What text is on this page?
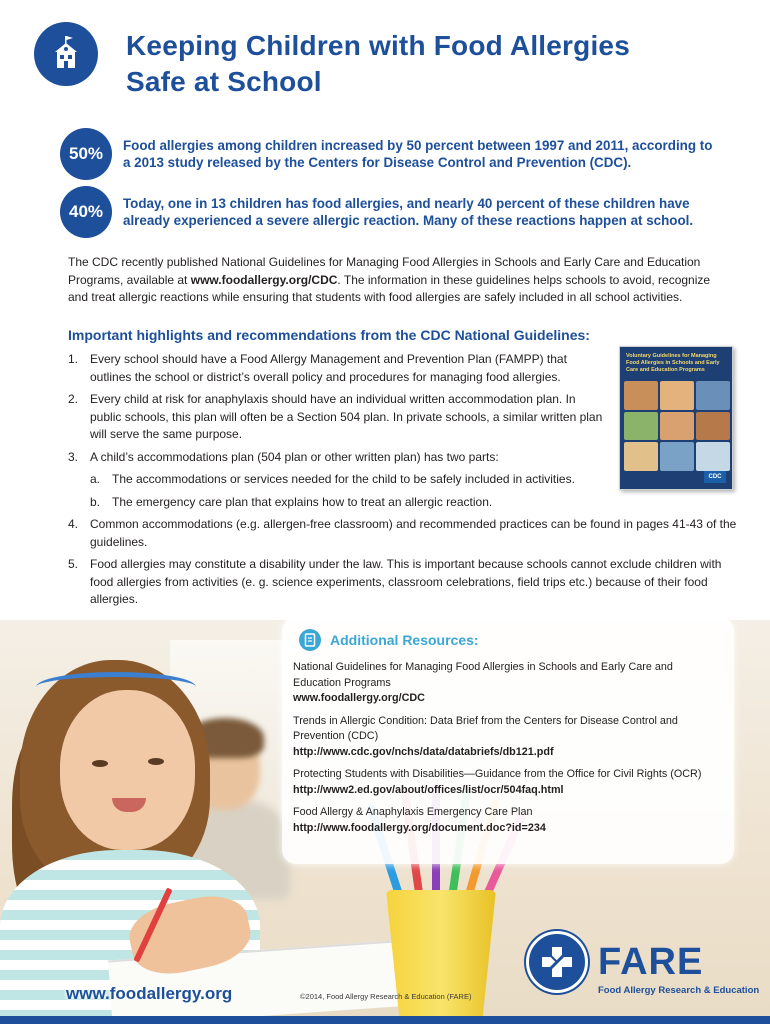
Keeping Children with Food Allergies
Safe at School
50%	Food allergies among children increased by 50 percent between 1997 and 2011, according to a 2013 study released by the Centers for Disease Control and Prevention (CDC).
40%	Today, one in 13 children has food allergies, and nearly 40 percent of these children have already experienced a severe allergic reaction. Many of these reactions happen at school.

The CDC recently published National Guidelines for Managing Food Allergies in Schools and Early Care and Education Programs, available at www.foodallergy.org/CDC. The information in these guidelines helps schools to avoid, recognize and treat allergic reactions while ensuring that students with food allergies are safely included in all school activities.

Important highlights and recommendations from the CDC National Guidelines:
1. Every school should have a Food Allergy Management and Prevention Plan (FAMPP) that outlines the school or district’s overall policy and procedures for managing food allergies.
2. Every child at risk for anaphylaxis should have an individual written accommodation plan. In public schools, this plan will often be a Section 504 plan. In private schools, a similar written plan will serve the same purpose.
3. A child’s accommodations plan (504 plan or other written plan) has two parts:
a. The accommodations or services needed for the child to be safely included in activities.
b. The emergency care plan that explains how to treat an allergic reaction.
4. Common accommodations (e.g. allergen-free classroom) and recommended practices can be found in pages 41-43 of the guidelines.
5. Food allergies may constitute a disability under the law. This is important because schools cannot exclude children with food allergies from activities (e. g. science experiments, classroom celebrations, field trips etc.) because of their food allergies.
Voluntary Guidelines for Managing Food Allergies in Schools and Early Care and Education Programs
CDC
Additional Resources:
National Guidelines for Managing Food Allergies in Schools and Early Care and Education Programs
www.foodallergy.org/CDC
Trends in Allergic Condition: Data Brief from the Centers for Disease Control and Prevention (CDC)
http://www.cdc.gov/nchs/data/databriefs/db121.pdf
Protecting Students with Disabilities—Guidance from the Office for Civil Rights (OCR)
http://www2.ed.gov/about/offices/list/ocr/504faq.html
Food Allergy & Anaphylaxis Emergency Care Plan
http://www.foodallergy.org/document.doc?id=234
www.foodallergy.org	©2014, Food Allergy Research & Education (FARE)
FARE
Food Allergy Research & Education
